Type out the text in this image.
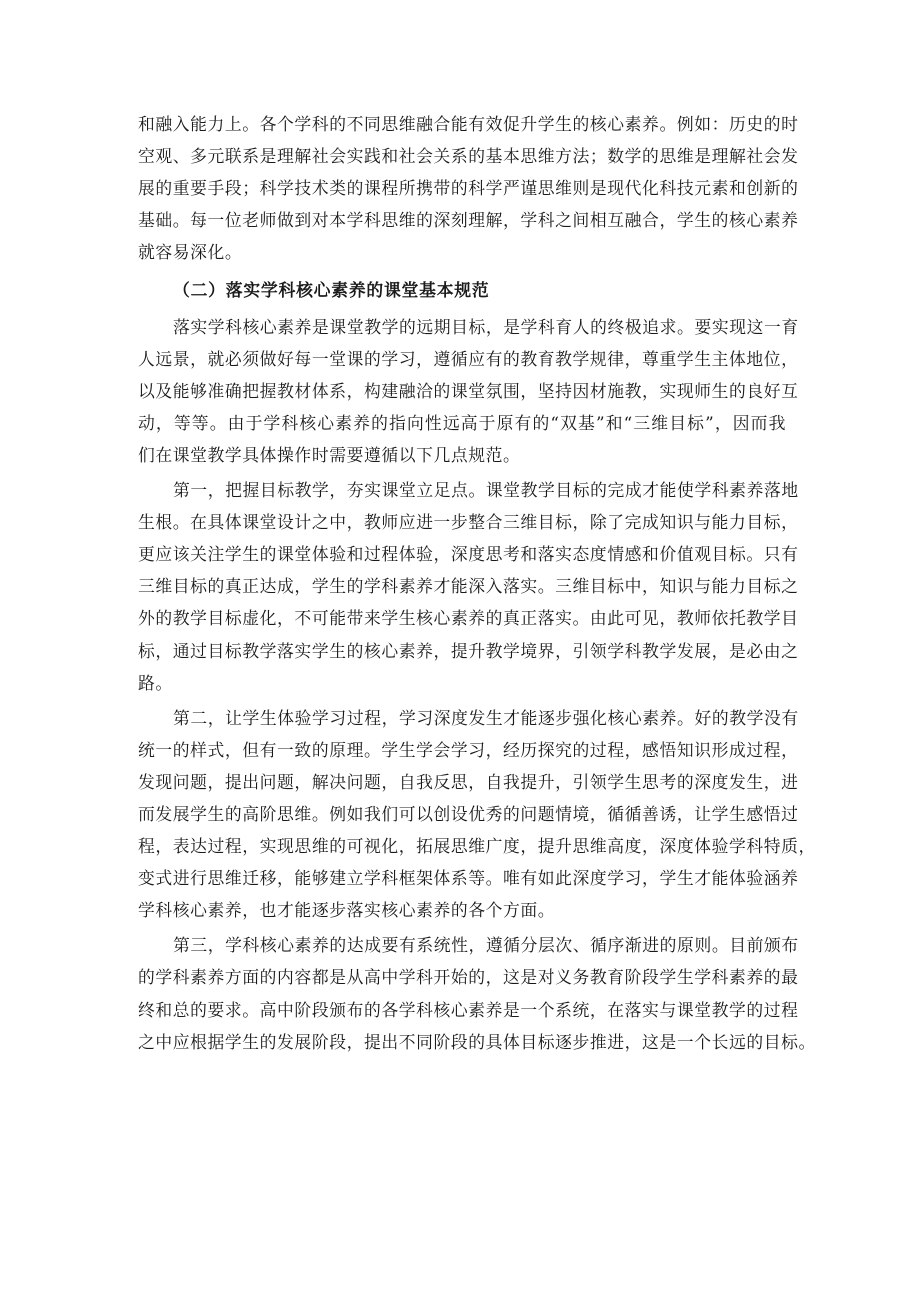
和融入能力上。各个学科的不同思维融合能有效促升学生的核心素养。例如：历史的时
空观、多元联系是理解社会实践和社会关系的基本思维方法；数学的思维是理解社会发
展的重要手段；科学技术类的课程所携带的科学严谨思维则是现代化科技元素和创新的
基础。每一位老师做到对本学科思维的深刻理解，学科之间相互融合，学生的核心素养
就容易深化。
（二）落实学科核心素养的课堂基本规范
落实学科核心素养是课堂教学的远期目标，是学科育人的终极追求。要实现这一育
人远景，就必须做好每一堂课的学习，遵循应有的教育教学规律，尊重学生主体地位，
以及能够准确把握教材体系，构建融洽的课堂氛围，坚持因材施教，实现师生的良好互
动，等等。由于学科核心素养的指向性远高于原有的“双基”和“三维目标”，因而我
们在课堂教学具体操作时需要遵循以下几点规范。
第一，把握目标教学，夯实课堂立足点。课堂教学目标的完成才能使学科素养落地
生根。在具体课堂设计之中，教师应进一步整合三维目标，除了完成知识与能力目标，
更应该关注学生的课堂体验和过程体验，深度思考和落实态度情感和价值观目标。只有
三维目标的真正达成，学生的学科素养才能深入落实。三维目标中，知识与能力目标之
外的教学目标虚化，不可能带来学生核心素养的真正落实。由此可见，教师依托教学目
标，通过目标教学落实学生的核心素养，提升教学境界，引领学科教学发展，是必由之
路。
第二，让学生体验学习过程，学习深度发生才能逐步强化核心素养。好的教学没有
统一的样式，但有一致的原理。学生学会学习，经历探究的过程，感悟知识形成过程，
发现问题，提出问题，解决问题，自我反思，自我提升，引领学生思考的深度发生，进
而发展学生的高阶思维。例如我们可以创设优秀的问题情境，循循善诱，让学生感悟过
程，表达过程，实现思维的可视化，拓展思维广度，提升思维高度，深度体验学科特质，
变式进行思维迁移，能够建立学科框架体系等。唯有如此深度学习，学生才能体验涵养
学科核心素养，也才能逐步落实核心素养的各个方面。
第三，学科核心素养的达成要有系统性，遵循分层次、循序渐进的原则。目前颁布
的学科素养方面的内容都是从高中学科开始的，这是对义务教育阶段学生学科素养的最
终和总的要求。高中阶段颁布的各学科核心素养是一个系统，在落实与课堂教学的过程
之中应根据学生的发展阶段，提出不同阶段的具体目标逐步推进，这是一个长远的目标。
